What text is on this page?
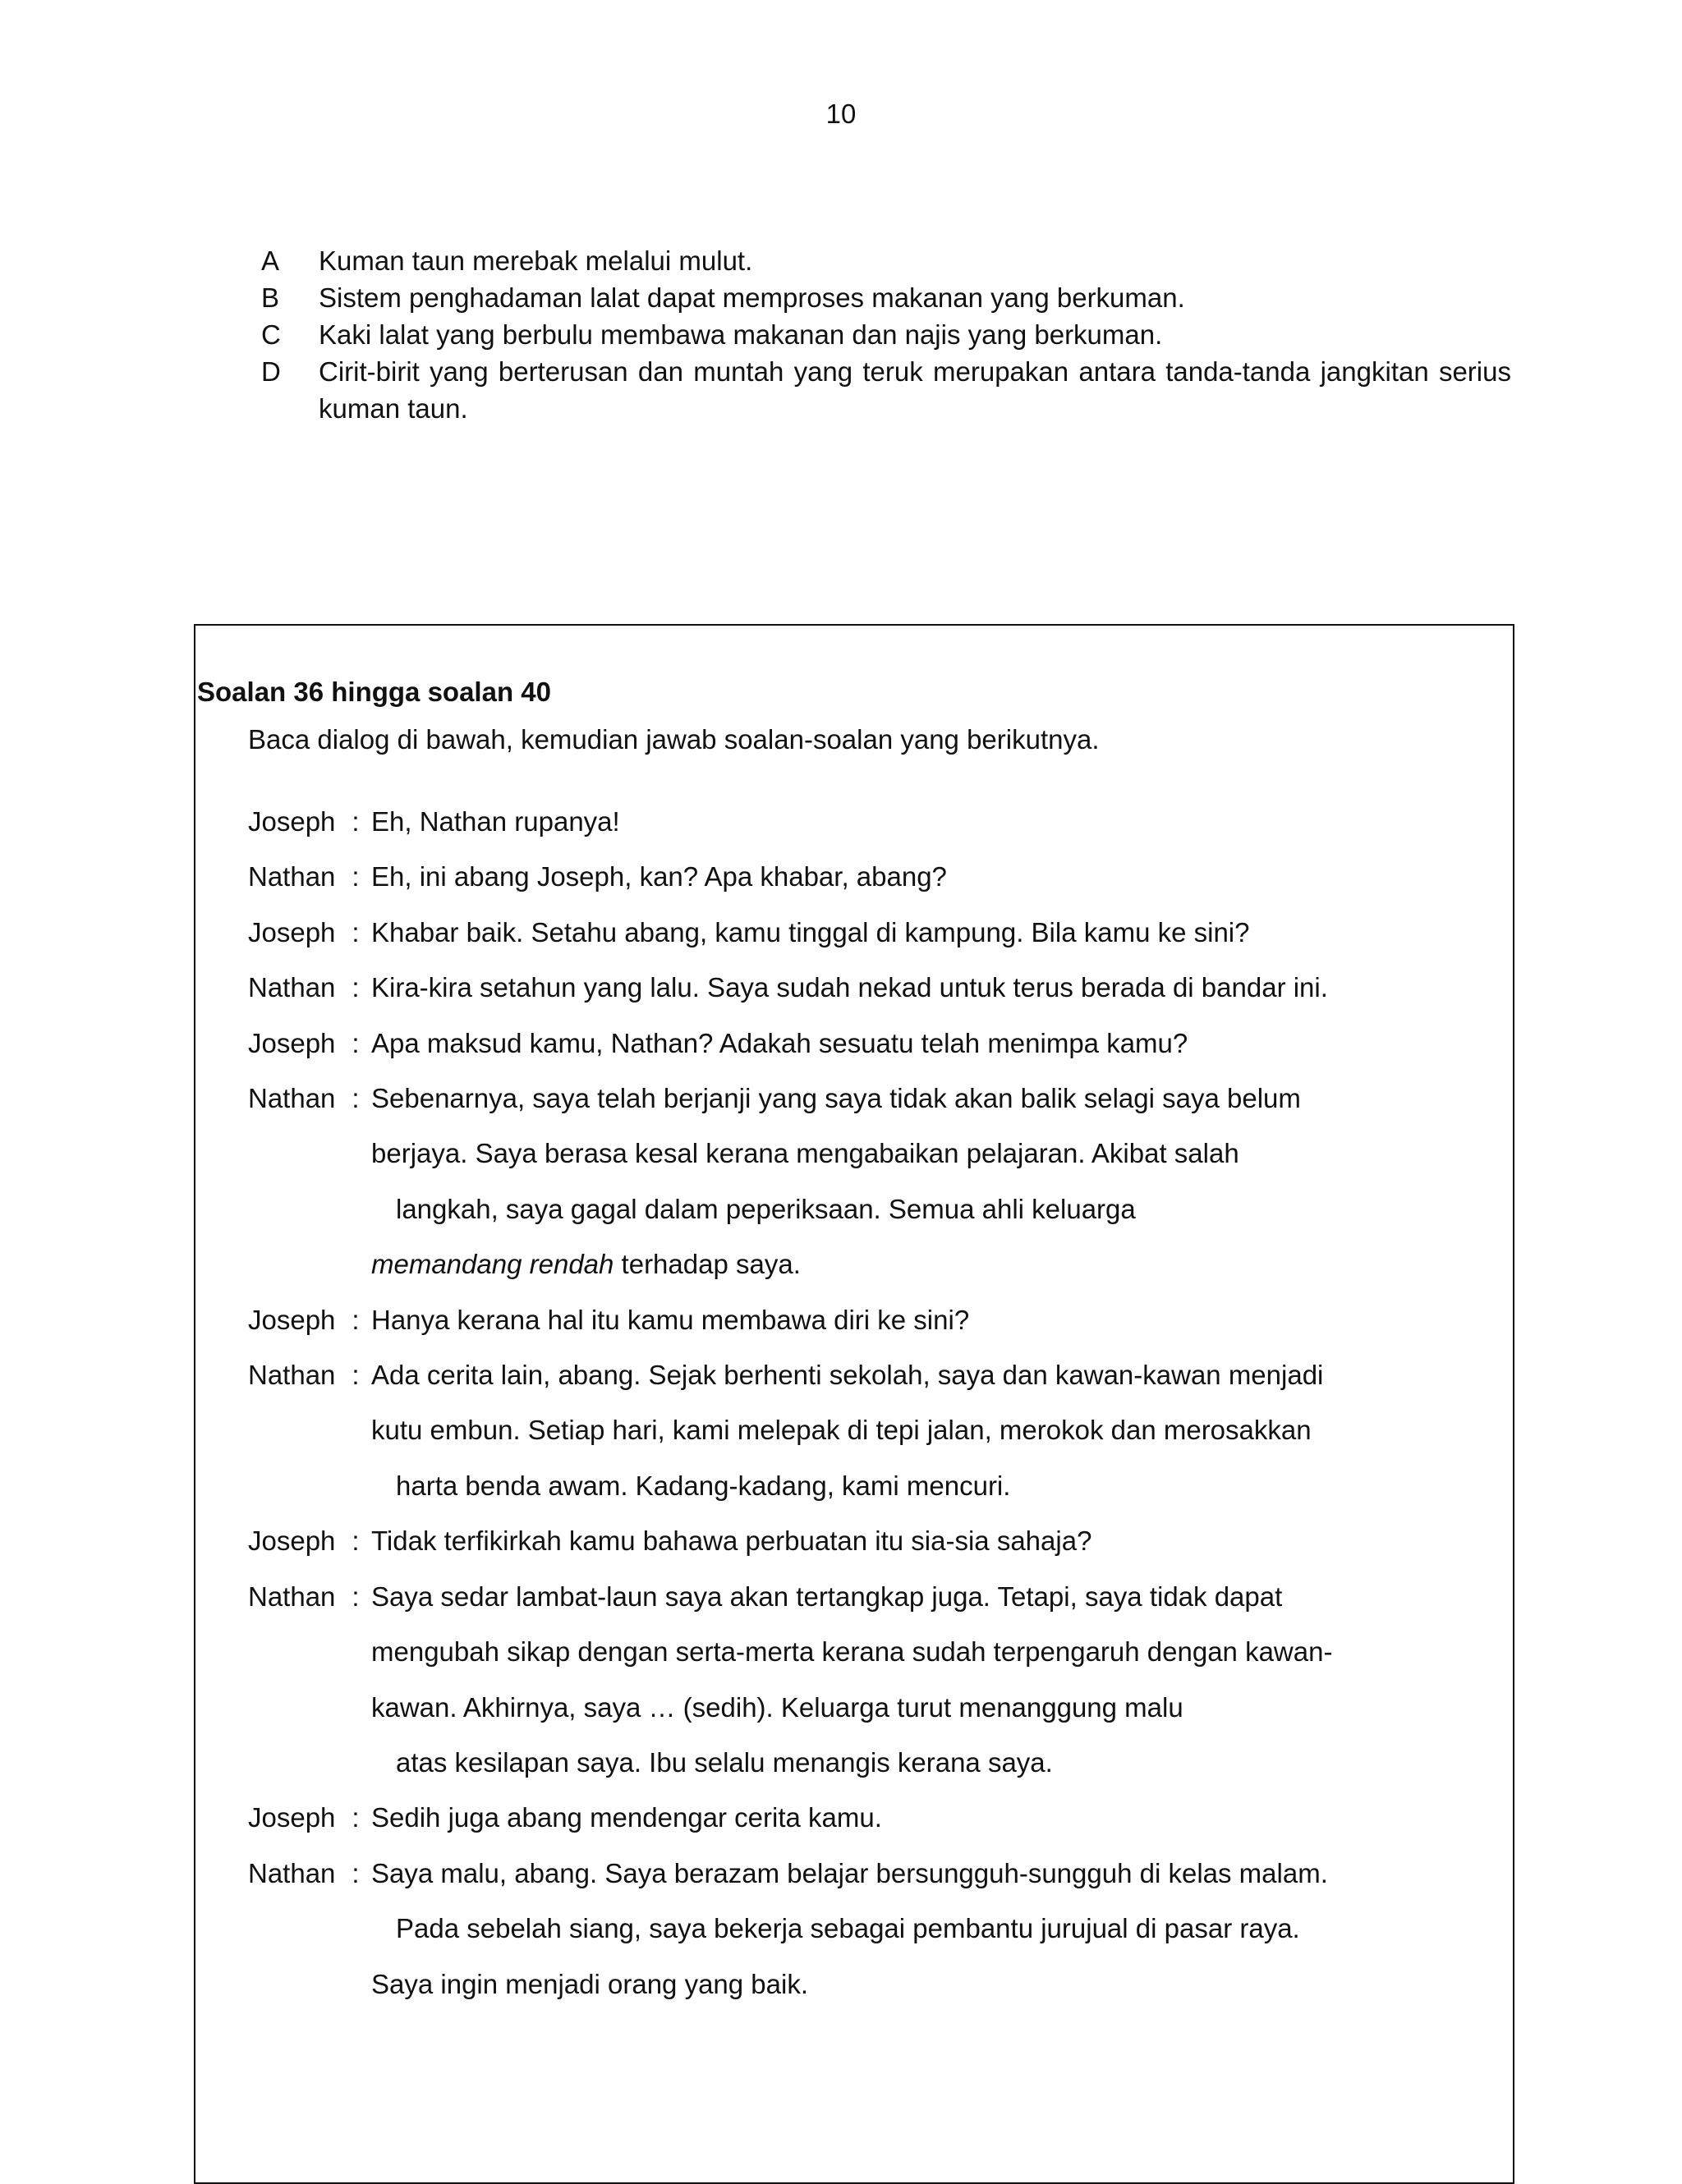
10
A	Kuman taun merebak melalui mulut.
B	Sistem penghadaman lalat dapat memproses makanan yang berkuman.
C	Kaki lalat yang berbulu membawa makanan dan najis yang berkuman.
D	Cirit-birit yang berterusan dan muntah yang teruk merupakan antara tanda-tanda jangkitan serius kuman taun.
Soalan 36 hingga soalan 40
Baca dialog di bawah, kemudian jawab soalan-soalan yang berikutnya.
Joseph : Eh, Nathan rupanya!
Nathan : Eh, ini abang Joseph, kan? Apa khabar, abang?
Joseph : Khabar baik. Setahu abang, kamu tinggal di kampung. Bila kamu ke sini?
Nathan : Kira-kira setahun yang lalu. Saya sudah nekad untuk terus berada di bandar ini.
Joseph : Apa maksud kamu, Nathan? Adakah sesuatu telah menimpa kamu?
Nathan : Sebenarnya, saya telah berjanji yang saya tidak akan balik selagi saya belum
berjaya. Saya berasa kesal kerana mengabaikan pelajaran. Akibat salah
langkah, saya gagal dalam peperiksaan. Semua ahli keluarga
memandang rendah terhadap saya.
Joseph : Hanya kerana hal itu kamu membawa diri ke sini?
Nathan : Ada cerita lain, abang. Sejak berhenti sekolah, saya dan kawan-kawan menjadi
kutu embun. Setiap hari, kami melepak di tepi jalan, merokok dan merosakkan
harta benda awam. Kadang-kadang, kami mencuri.
Joseph : Tidak terfikirkah kamu bahawa perbuatan itu sia-sia sahaja?
Nathan : Saya sedar lambat-laun saya akan tertangkap juga. Tetapi, saya tidak dapat
mengubah sikap dengan serta-merta kerana sudah terpengaruh dengan kawan-
kawan. Akhirnya, saya … (sedih). Keluarga turut menanggung malu
atas kesilapan saya. Ibu selalu menangis kerana saya.
Joseph : Sedih juga abang mendengar cerita kamu.
Nathan : Saya malu, abang. Saya berazam belajar bersungguh-sungguh di kelas malam.
Pada sebelah siang, saya bekerja sebagai pembantu jurujual di pasar raya.
Saya ingin menjadi orang yang baik.
